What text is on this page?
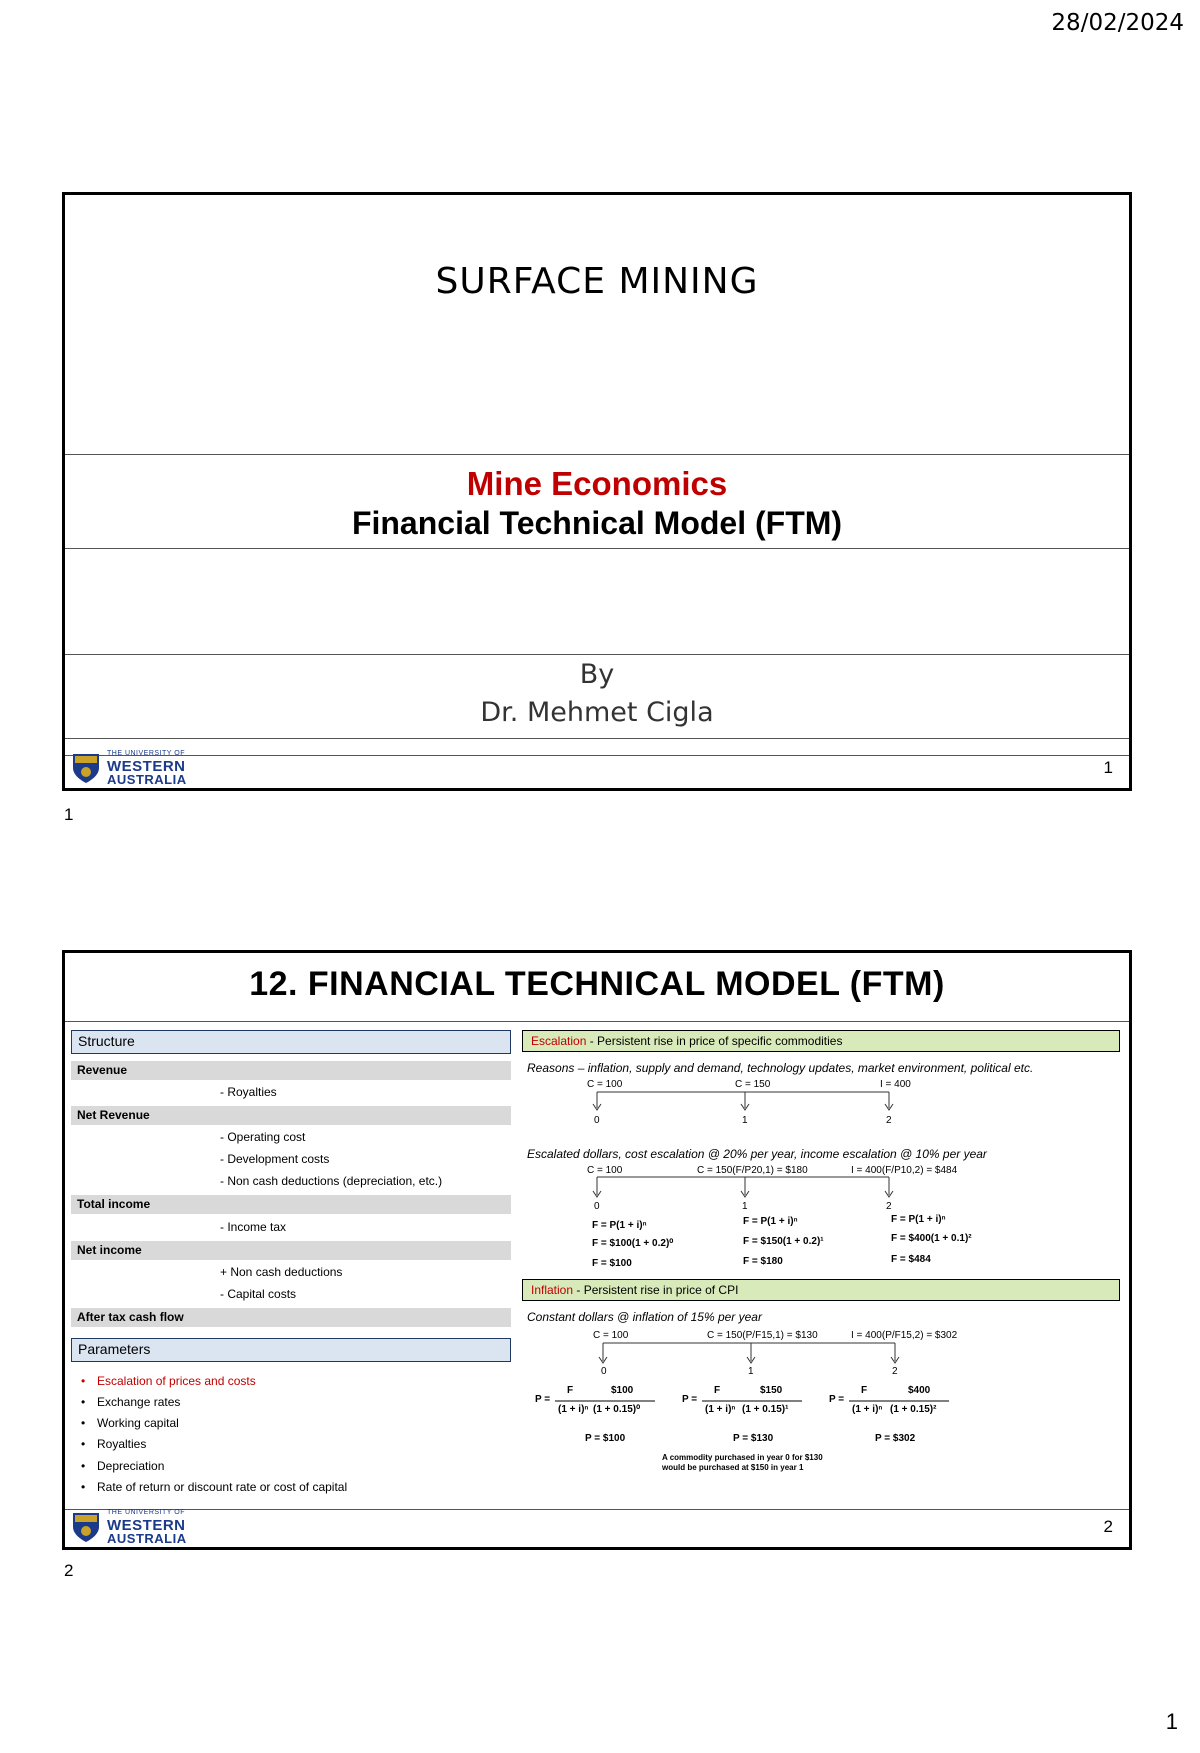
28/02/2024
SURFACE MINING
Mine Economics
Financial Technical Model (FTM)
By
Dr. Mehmet Cigla
THE UNIVERSITY OF
WESTERN
AUSTRALIA
1
1
12. FINANCIAL TECHNICAL MODEL (FTM)
Structure
Revenue
- Royalties
Net Revenue
- Operating cost
- Development costs
- Non cash deductions (depreciation, etc.)
Total income
- Income tax
Net income
+ Non cash deductions
- Capital costs
After tax cash flow
Parameters
• Escalation of prices and costs
• Exchange rates
• Working capital
• Royalties
• Depreciation
• Rate of return or discount rate or cost of capital
Escalation - Persistent rise in price of specific commodities
Reasons – inflation, supply and demand, technology updates, market environment, political etc.
C = 100	C = 150	I = 400
0	1	2
Escalated dollars, cost escalation @ 20% per year, income escalation @ 10% per year
C = 100	C = 150(F/P20,1) = $180	I = 400(F/P10,2) = $484
0	1	2
F = P(1 + i)ⁿ
F = $100(1 + 0.2)⁰
F = $100
F = P(1 + i)ⁿ
F = $150(1 + 0.2)¹
F = $180
F = P(1 + i)ⁿ
F = $400(1 + 0.1)²
F = $484
Inflation - Persistent rise in price of CPI
Constant dollars @ inflation of 15% per year
C = 100	C = 150(P/F15,1) = $130	I = 400(P/F15,2) = $302
0	1	2
P =
F
(1 + i)ⁿ
$100
(1 + 0.15)⁰
P = $100
P =
F
(1 + i)ⁿ
$150
(1 + 0.15)¹
P = $130
P =
F
(1 + i)ⁿ
$400
(1 + 0.15)²
P = $302
A commodity purchased in year 0 for $130
would be purchased at $150 in year 1
THE UNIVERSITY OF
WESTERN
AUSTRALIA
2
2
1
